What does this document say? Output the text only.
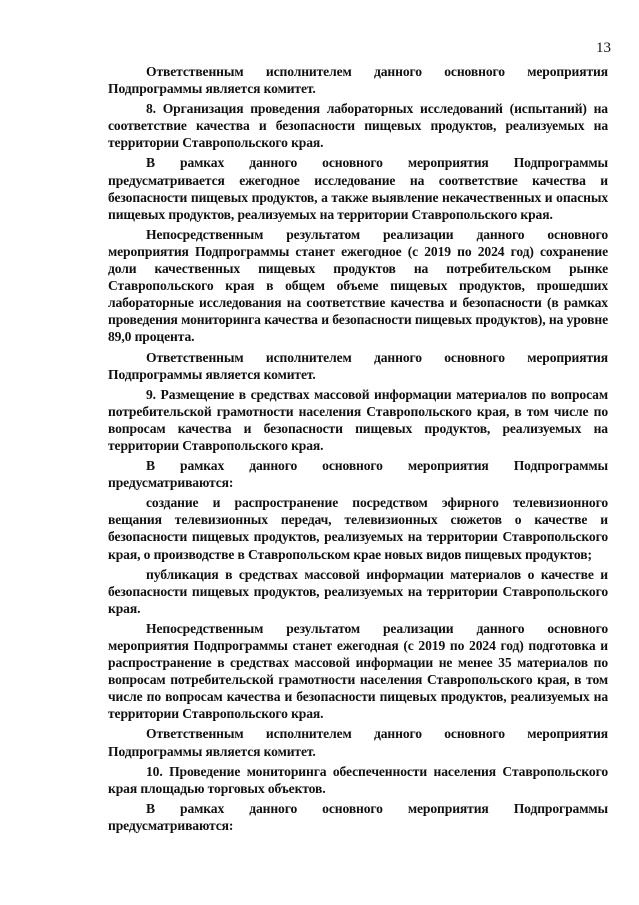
13

Ответственным исполнителем данного основного мероприятия Подпрограммы является комитет.

8. Организация проведения лабораторных исследований (испытаний) на соответствие качества и безопасности пищевых продуктов, реализуемых на территории Ставропольского края.

В рамках данного основного мероприятия Подпрограммы предусматривается ежегодное исследование на соответствие качества и безопасности пищевых продуктов, а также выявление некачественных и опасных пищевых продуктов, реализуемых на территории Ставропольского края.

Непосредственным результатом реализации данного основного мероприятия Подпрограммы станет ежегодное (с 2019 по 2024 год) сохранение доли качественных пищевых продуктов на потребительском рынке Ставропольского края в общем объеме пищевых продуктов, прошедших лабораторные исследования на соответствие качества и безопасности (в рамках проведения мониторинга качества и безопасности пищевых продуктов), на уровне 89,0 процента.

Ответственным исполнителем данного основного мероприятия Подпрограммы является комитет.

9. Размещение в средствах массовой информации материалов по вопросам потребительской грамотности населения Ставропольского края, в том числе по вопросам качества и безопасности пищевых продуктов, реализуемых на территории Ставропольского края.

В рамках данного основного мероприятия Подпрограммы предусматриваются:

создание и распространение посредством эфирного телевизионного вещания телевизионных передач, телевизионных сюжетов о качестве и безопасности пищевых продуктов, реализуемых на территории Ставропольского края, о производстве в Ставропольском крае новых видов пищевых продуктов;

публикация в средствах массовой информации материалов о качестве и безопасности пищевых продуктов, реализуемых на территории Ставропольского края.

Непосредственным результатом реализации данного основного мероприятия Подпрограммы станет ежегодная (с 2019 по 2024 год) подготовка и распространение в средствах массовой информации не менее 35 материалов по вопросам потребительской грамотности населения Ставропольского края, в том числе по вопросам качества и безопасности пищевых продуктов, реализуемых на территории Ставропольского края.

Ответственным исполнителем данного основного мероприятия Подпрограммы является комитет.

10. Проведение мониторинга обеспеченности населения Ставропольского края площадью торговых объектов.

В рамках данного основного мероприятия Подпрограммы предусматриваются:
